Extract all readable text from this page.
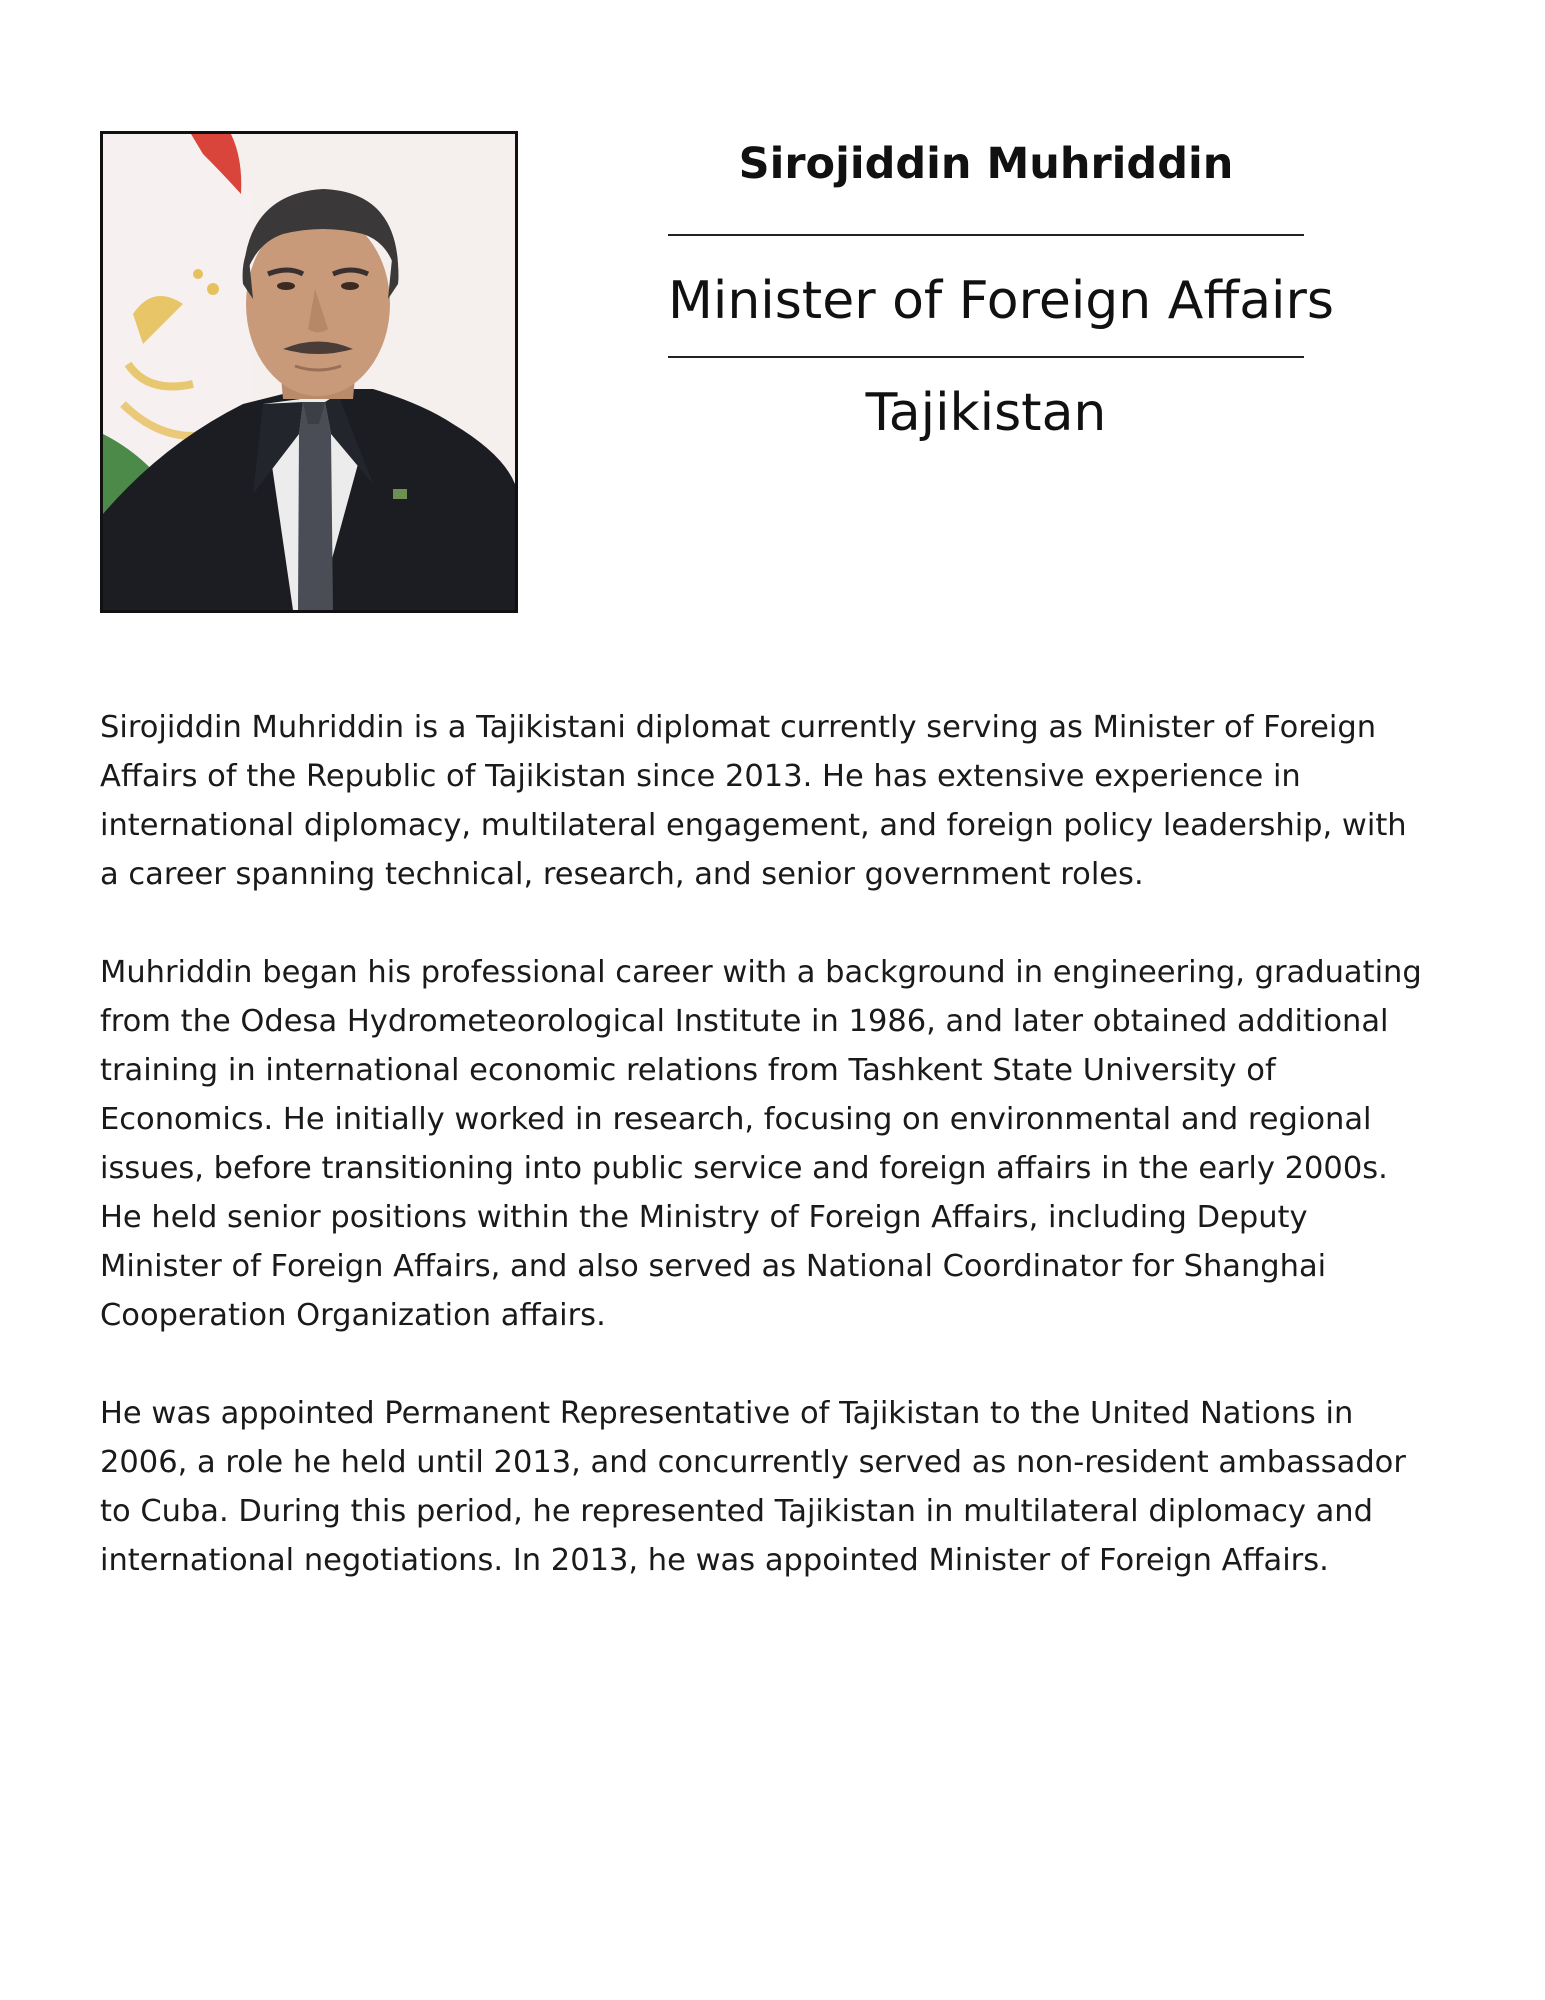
Sirojiddin Muhriddin
Minister of Foreign Affairs
Tajikistan

Sirojiddin Muhriddin is a Tajikistani diplomat currently serving as Minister of Foreign
Affairs of the Republic of Tajikistan since 2013. He has extensive experience in
international diplomacy, multilateral engagement, and foreign policy leadership, with
a career spanning technical, research, and senior government roles.

Muhriddin began his professional career with a background in engineering, graduating
from the Odesa Hydrometeorological Institute in 1986, and later obtained additional
training in international economic relations from Tashkent State University of
Economics. He initially worked in research, focusing on environmental and regional
issues, before transitioning into public service and foreign affairs in the early 2000s.
He held senior positions within the Ministry of Foreign Affairs, including Deputy
Minister of Foreign Affairs, and also served as National Coordinator for Shanghai
Cooperation Organization affairs.

He was appointed Permanent Representative of Tajikistan to the United Nations in
2006, a role he held until 2013, and concurrently served as non-resident ambassador
to Cuba. During this period, he represented Tajikistan in multilateral diplomacy and
international negotiations. In 2013, he was appointed Minister of Foreign Affairs.
